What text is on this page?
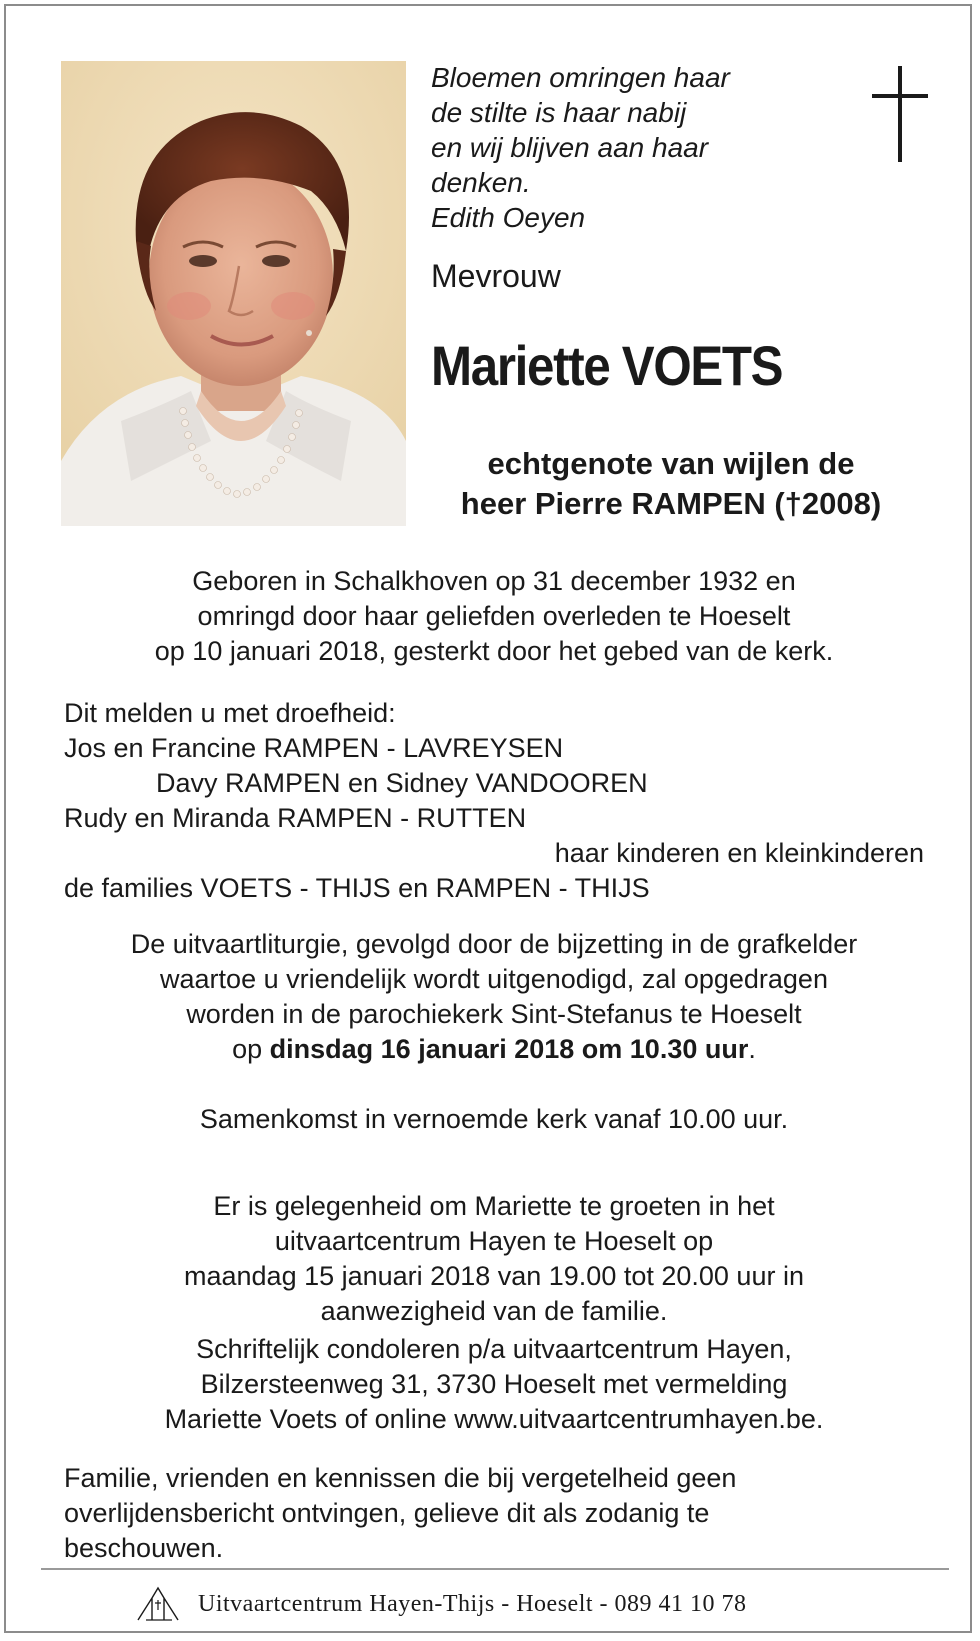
Bloemen omringen haar
de stilte is haar nabij
en wij blijven aan haar
denken.
Edith Oeyen
Mevrouw
Mariette VOETS
echtgenote van wijlen de
heer Pierre RAMPEN (†2008)
Geboren in Schalkhoven op 31 december 1932 en
omringd door haar geliefden overleden te Hoeselt
op 10 januari 2018, gesterkt door het gebed van de kerk.
Dit melden u met droefheid:
Jos en Francine RAMPEN - LAVREYSEN
Davy RAMPEN en Sidney VANDOOREN
Rudy en Miranda RAMPEN - RUTTEN
haar kinderen en kleinkinderen
de families VOETS - THIJS en RAMPEN - THIJS
De uitvaartliturgie, gevolgd door de bijzetting in de grafkelder
waartoe u vriendelijk wordt uitgenodigd, zal opgedragen
worden in de parochiekerk Sint-Stefanus te Hoeselt
op dinsdag 16 januari 2018 om 10.30 uur.
Samenkomst in vernoemde kerk vanaf 10.00 uur.
Er is gelegenheid om Mariette te groeten in het
uitvaartcentrum Hayen te Hoeselt op
maandag 15 januari 2018 van 19.00 tot 20.00 uur in
aanwezigheid van de familie.
Schriftelijk condoleren p/a uitvaartcentrum Hayen,
Bilzersteenweg 31, 3730 Hoeselt met vermelding
Mariette Voets of online www.uitvaartcentrumhayen.be.
Familie, vrienden en kennissen die bij vergetelheid geen
overlijdensbericht ontvingen, gelieve dit als zodanig te
beschouwen.
Uitvaartcentrum Hayen-Thijs - Hoeselt - 089 41 10 78
